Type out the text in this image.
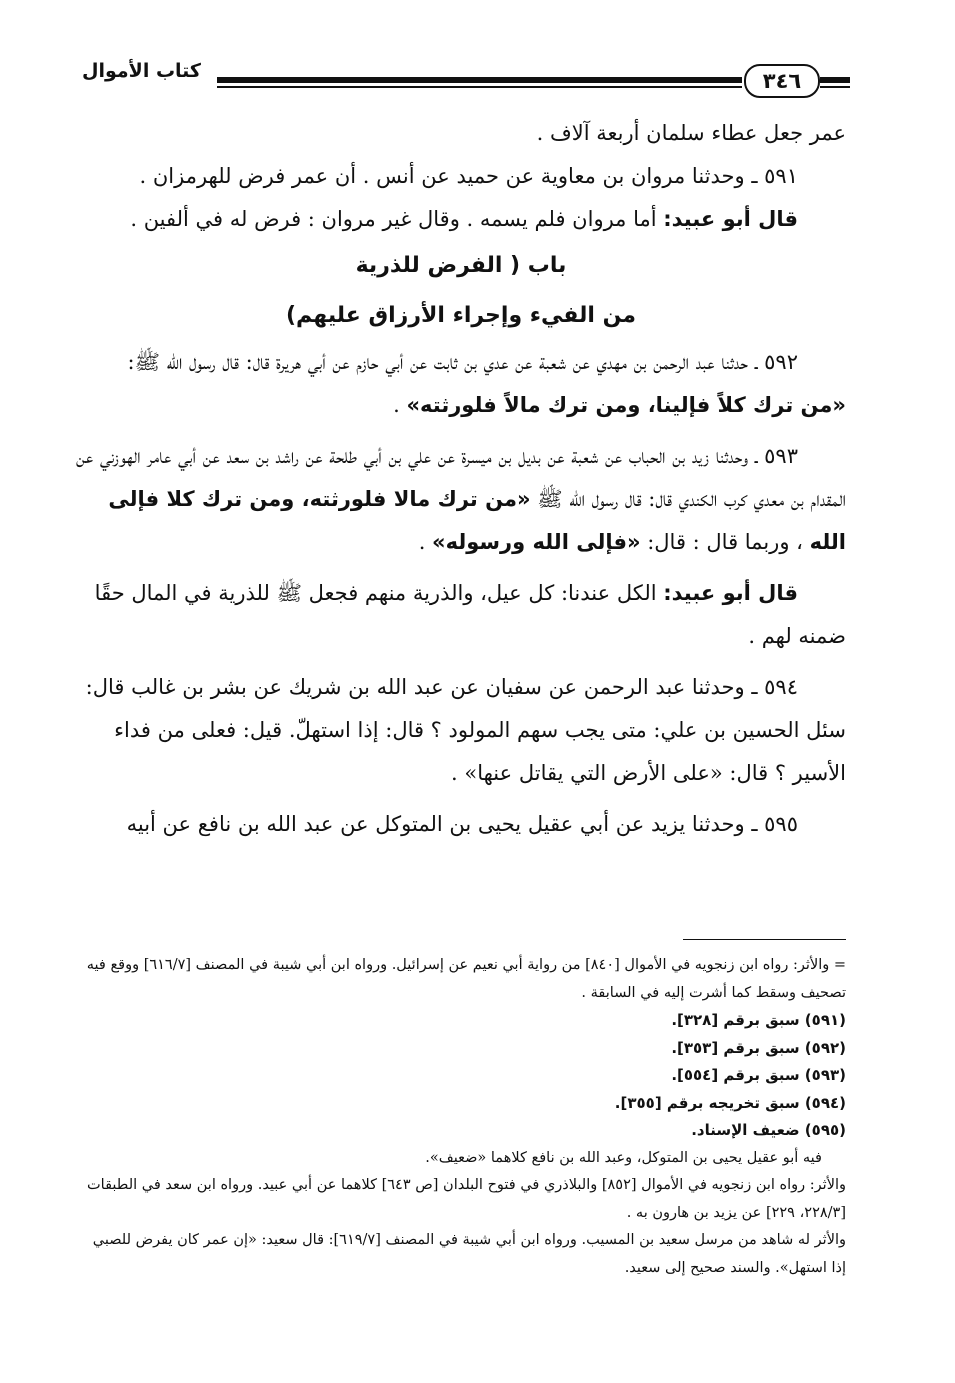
كتاب الأموال	٣٤٦

عمر جعل عطاء سلمان أربعة آلاف .

٥٩١ ـ وحدثنا مروان بن معاوية عن حميد عن أنس . أن عمر فرض للهرمزان .

قال أبو عبيد: أما مروان فلم يسمه . وقال غير مروان : فرض له في ألفين .

باب ( الفرض للذرية

من الفيء وإجراء الأرزاق عليهم)

٥٩٢ ـ حدثنا عبد الرحمن بن مهدي عن شعبة عن عدي بن ثابت عن أبي حازم عن أبي هريرة قال: قال رسول الله ﷺ: «من ترك كلاً فإلينا، ومن ترك مالاً فلورثته» .

٥٩٣ ـ وحدثنا زيد بن الحباب عن شعبة عن بديل بن ميسرة عن علي بن أبي طلحة عن راشد بن سعد عن أبي عامر الهوزني عن المقدام بن معدي كرب الكندي قال: قال رسول الله ﷺ «من ترك مالا فلورثته، ومن ترك كلا فإلى الله ، وربما قال : قال: «فإلى الله ورسوله» .

قال أبو عبيد: الكل عندنا: كل عيل، والذرية منهم فجعل ﷺ للذرية في المال حقًا ضمنه لهم .

٥٩٤ ـ وحدثنا عبد الرحمن عن سفيان عن عبد الله بن شريك عن بشر بن غالب قال: سئل الحسين بن علي: متى يجب سهم المولود ؟ قال: إذا استهلّ. قيل: فعلى من فداء الأسير ؟ قال: «على الأرض التي يقاتل عنها» .

٥٩٥ ـ وحدثنا يزيد عن أبي عقيل يحيى بن المتوكل عن عبد الله بن نافع عن أبيه

= والأثر: رواه ابن زنجويه في الأموال [٨٤٠] من رواية أبي نعيم عن إسرائيل. ورواه ابن أبي شيبة في المصنف [٦١٦/٧] ووقع فيه تصحيف وسقط كما أشرت إليه في السابقة .

(٥٩١) سبق برقم [٣٢٨].

(٥٩٢) سبق برقم [٣٥٣].

(٥٩٣) سبق برقم [٥٥٤].

(٥٩٤) سبق تخريجه برقم [٣٥٥].

(٥٩٥) ضعيف الإسناد.

فيه أبو عقيل يحيى بن المتوكل، وعبد الله بن نافع كلاهما «ضعيف».

والأثر: رواه ابن زنجويه في الأموال [٨٥٢] والبلاذري في فتوح البلدان [ص ٦٤٣] كلاهما عن أبي عبيد. ورواه ابن سعد في الطبقات [٢٢٨/٣، ٢٢٩] عن يزيد بن هارون به .

والأثر له شاهد من مرسل سعيد بن المسيب. ورواه ابن أبي شيبة في المصنف [٦١٩/٧]: قال سعيد: «إن عمر كان يفرض للصبي إذا استهل». والسند صحيح إلى سعيد.
